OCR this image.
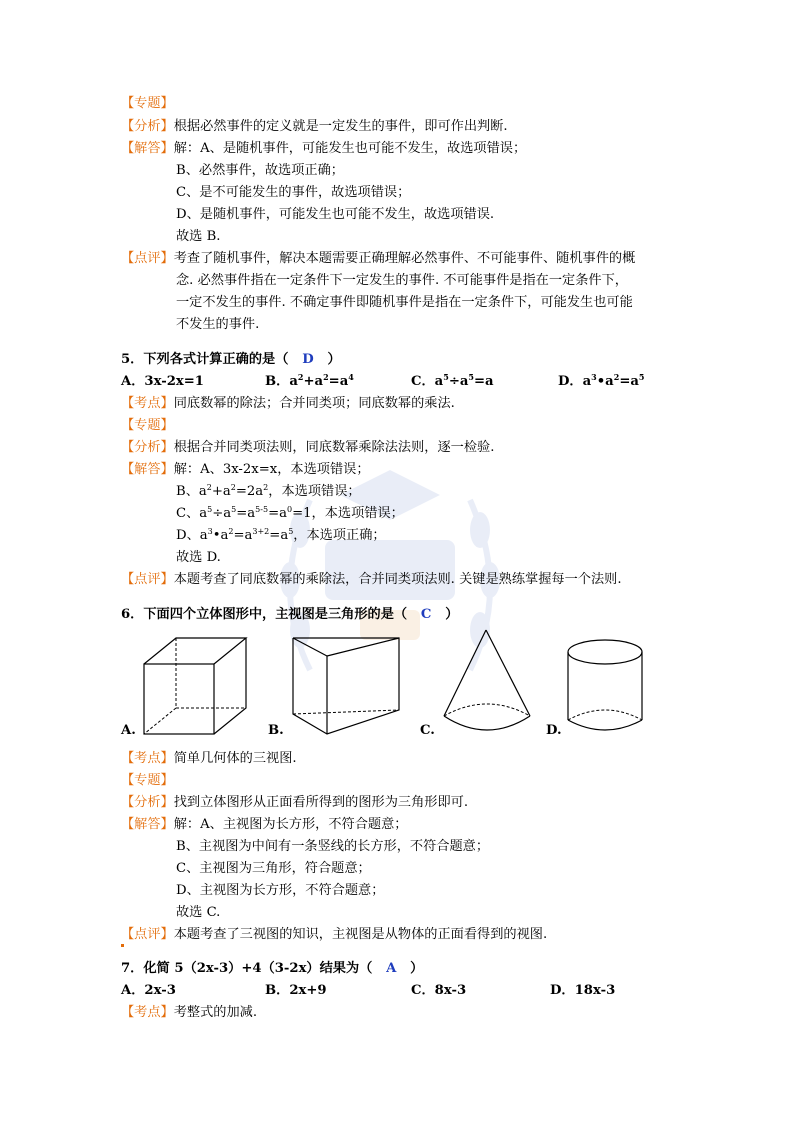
【专题】
【分析】根据必然事件的定义就是一定发生的事件，即可作出判断.
【解答】解：A、是随机事件，可能发生也可能不发生，故选项错误；
B、必然事件，故选项正确；
C、是不可能发生的事件，故选项错误；
D、是随机事件，可能发生也可能不发生，故选项错误.
故选 B.
【点评】考查了随机事件，解决本题需要正确理解必然事件、不可能事件、随机事件的概
念. 必然事件指在一定条件下一定发生的事件. 不可能事件是指在一定条件下，
一定不发生的事件. 不确定事件即随机事件是指在一定条件下，可能发生也可能
不发生的事件.
5．下列各式计算正确的是（ D ）
A．3x-2x=1	B．$a^2+a^2=a^4$	C．$a^5\div a^5=a$	D．$a^3•a^2=a^5$
【考点】同底数幂的除法；合并同类项；同底数幂的乘法.
【专题】
【分析】根据合并同类项法则，同底数幂乘除法法则，逐一检验.
【解答】解：A、3x-2x=x，本选项错误；
B、$a^2+a^2=2a^2$，本选项错误；
C、$a^5\div a^5=a^{5-5}=a^0=1$，本选项错误；
D、$a^3•a^2=a^{3+2}=a^5$，本选项正确；
故选 D.
【点评】本题考查了同底数幂的乘除法，合并同类项法则. 关键是熟练掌握每一个法则.
6．下面四个立体图形中，主视图是三角形的是（ C ）
A.	B.	C.	D.
【考点】简单几何体的三视图.
【专题】
【分析】找到立体图形从正面看所得到的图形为三角形即可.
【解答】解：A、主视图为长方形，不符合题意；
B、主视图为中间有一条竖线的长方形，不符合题意；
C、主视图为三角形，符合题意；
D、主视图为长方形，不符合题意；
故选 C.
【点评】本题考查了三视图的知识，主视图是从物体的正面看得到的视图.
7．化简 5（2x-3）+4（3-2x）结果为（ A ）
A．2x-3	B．2x+9	C．8x-3	D．18x-3
【考点】考整式的加减.
